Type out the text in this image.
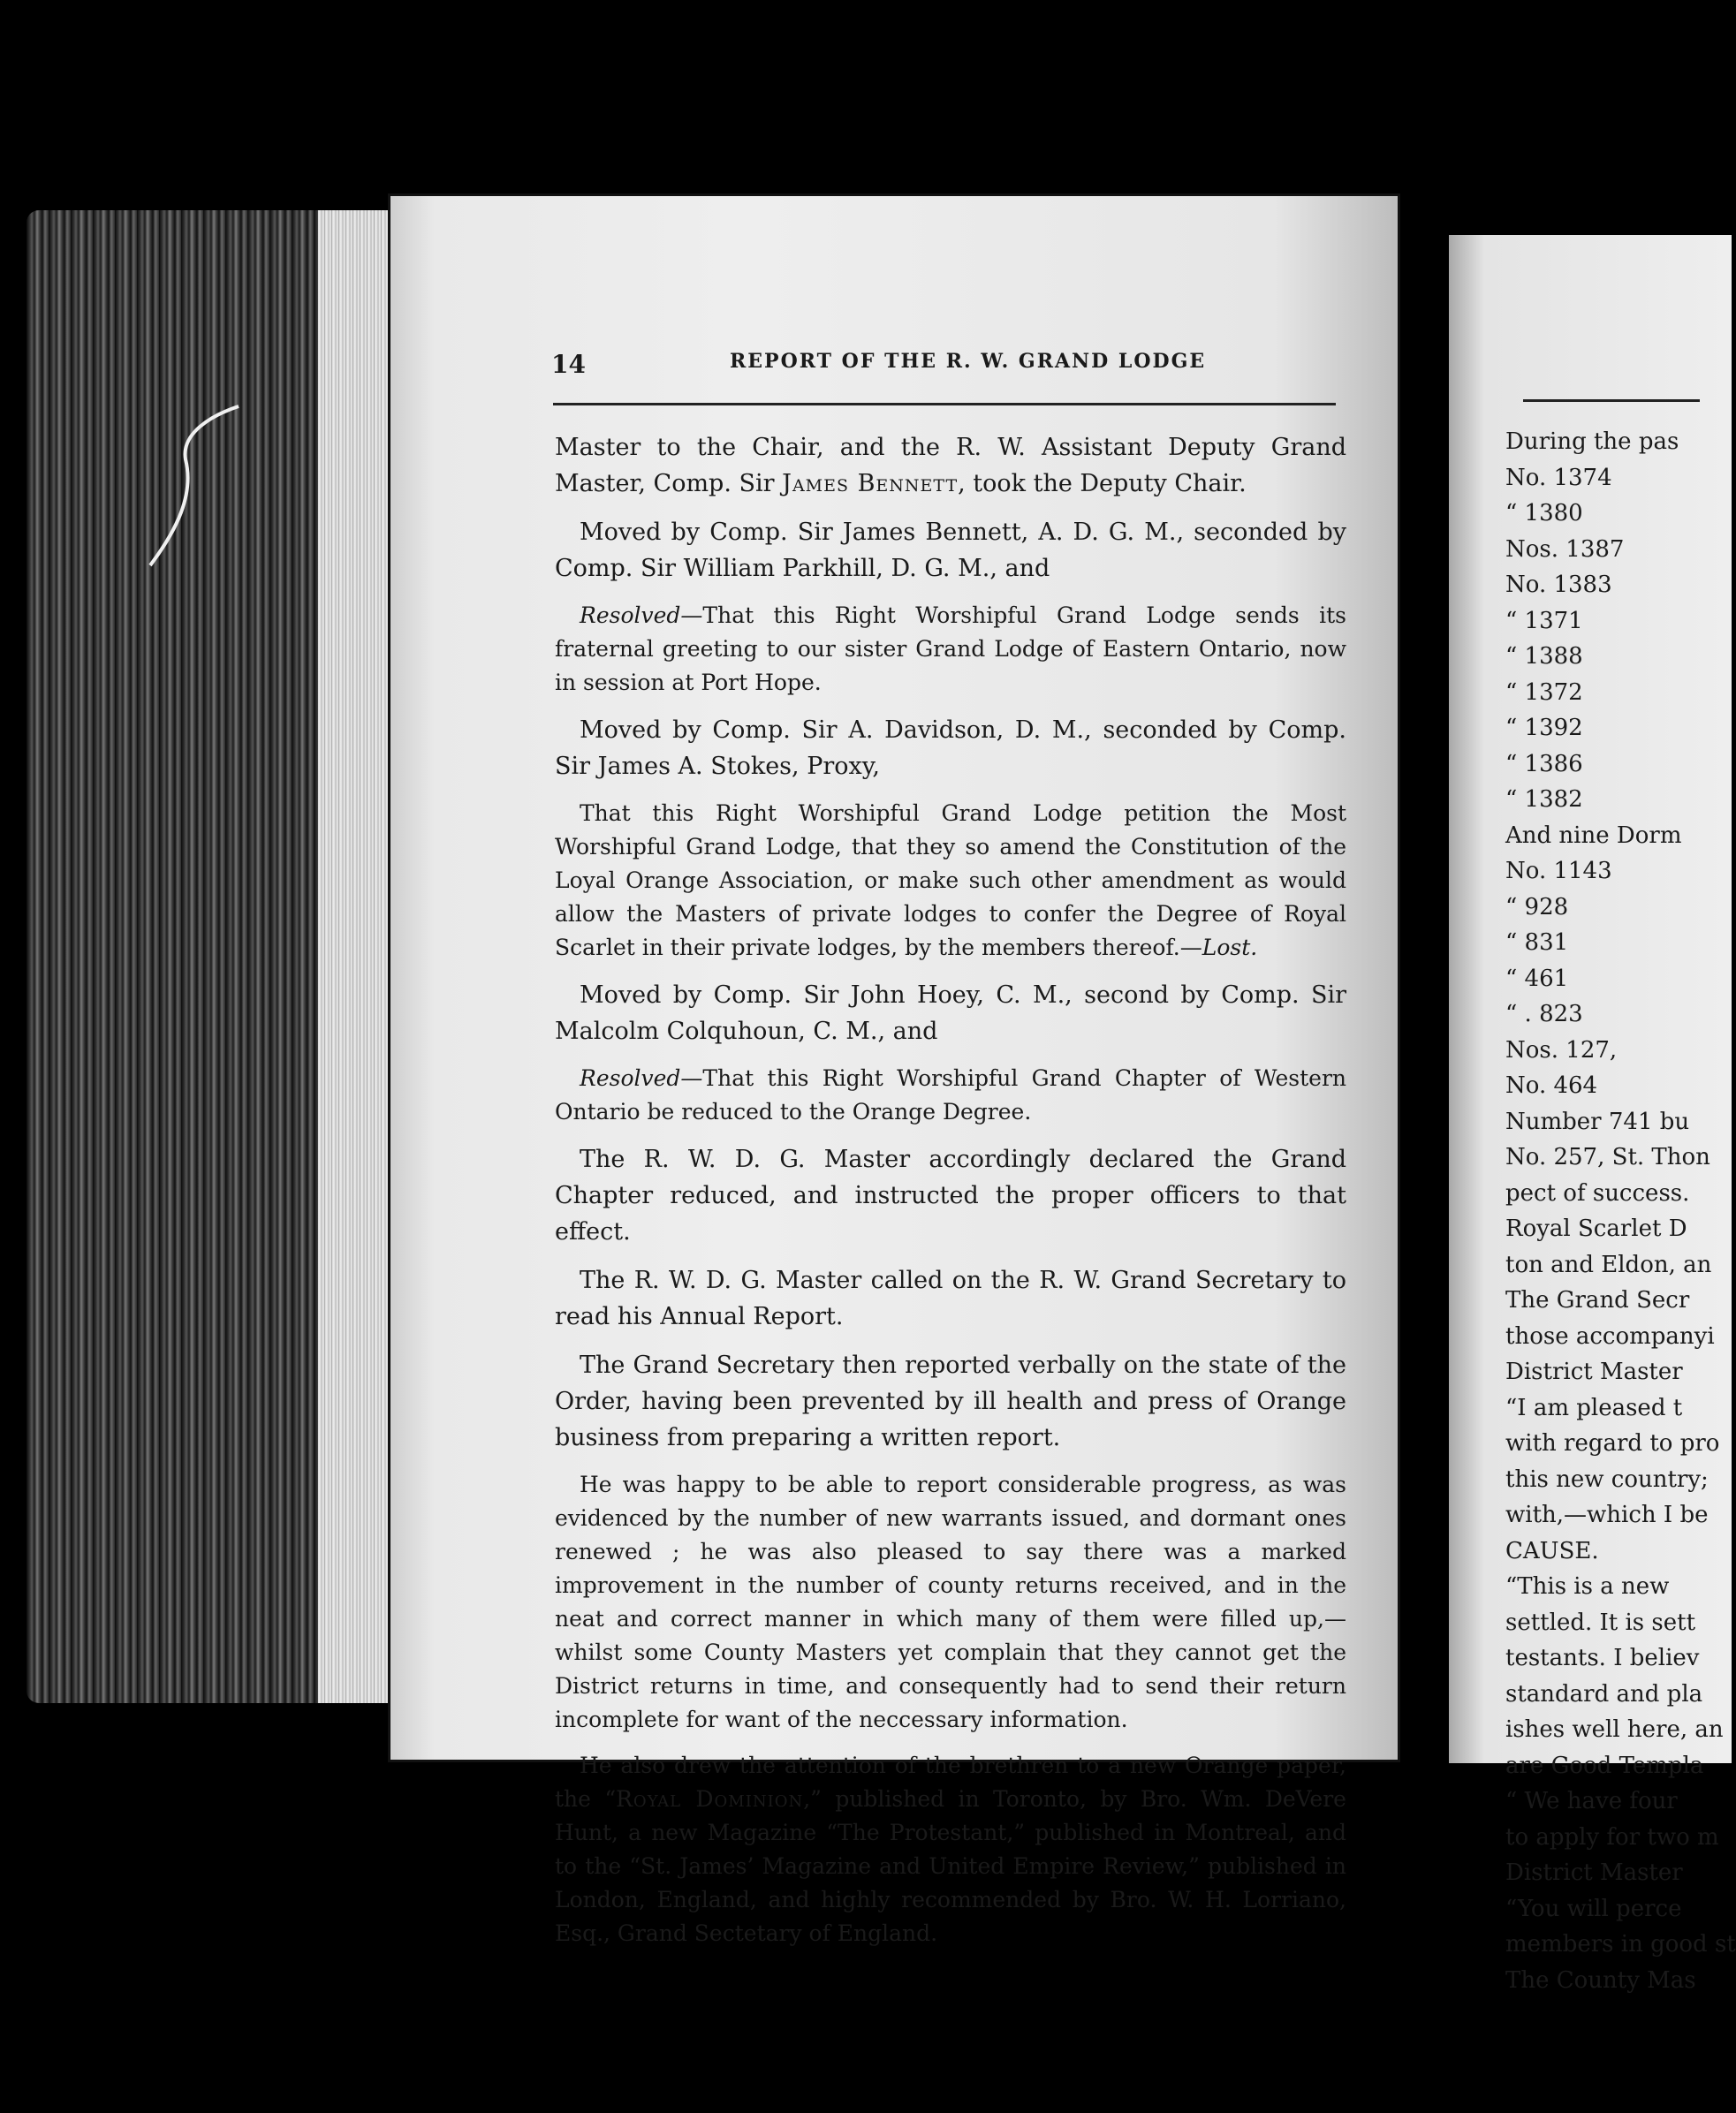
14	REPORT OF THE R. W. GRAND LODGE

Master to the Chair, and the R. W. Assistant Deputy Grand Master, Comp. Sir James Bennett, took the Deputy Chair.

Moved by Comp. Sir James Bennett, A. D. G. M., seconded by Comp. Sir William Parkhill, D. G. M., and

Resolved—That this Right Worshipful Grand Lodge sends its fraternal greeting to our sister Grand Lodge of Eastern Ontario, now in session at Port Hope.

Moved by Comp. Sir A. Davidson, D. M., seconded by Comp. Sir James A. Stokes, Proxy,

That this Right Worshipful Grand Lodge petition the Most Worshipful Grand Lodge, that they so amend the Constitution of the Loyal Orange Association, or make such other amendment as would allow the Masters of private lodges to confer the Degree of Royal Scarlet in their private lodges, by the members thereof.—Lost.

Moved by Comp. Sir John Hoey, C. M., second by Comp. Sir Malcolm Colquhoun, C. M., and

Resolved—That this Right Worshipful Grand Chapter of Western Ontario be reduced to the Orange Degree.

The R. W. D. G. Master accordingly declared the Grand Chapter reduced, and instructed the proper officers to that effect.

The R. W. D. G. Master called on the R. W. Grand Secretary to read his Annual Report.

The Grand Secretary then reported verbally on the state of the Order, having been prevented by ill health and press of Orange business from preparing a written report.

He was happy to be able to report considerable progress, as was evidenced by the number of new warrants issued, and dormant ones renewed ; he was also pleased to say there was a marked improvement in the number of county returns received, and in the neat and correct manner in which many of them were filled up,—whilst some County Masters yet complain that they cannot get the District returns in time, and consequently had to send their return incomplete for want of the neccessary information.

He also drew the attention of the brethren to a new Orange paper, the “Royal Dominion,” published in Toronto, by Bro. Wm. DeVere Hunt, a new Magazine “The Protestant,” published in Montreal, and to the “St. James’ Magazine and United Empire Review,” published in London, England, and highly recommended by Bro. W. H. Lorriano, Esq., Grand Sectetary of England.

During the pas
No. 1374
“ 1380
Nos. 1387
No. 1383
“ 1371
“ 1388
“ 1372
“ 1392
“ 1386
“ 1382
And nine Dorm
No. 1143
“ 928
“ 831
“ 461
“ . 823
Nos. 127,
No. 464
Number 741 bu
No. 257, St. Thon
pect of success.
Royal Scarlet D
ton and Eldon, an
The Grand Secr
those accompanyi
District Master
“I am pleased t
with regard to pro
this new country;
with,—which I be
CAUSE.
“This is a new
settled. It is sett
testants. I believ
standard and pla
ishes well here, an
are Good Templa
“ We have four
to apply for two m
District Master
“You will perce
members in good st
The County Mas
